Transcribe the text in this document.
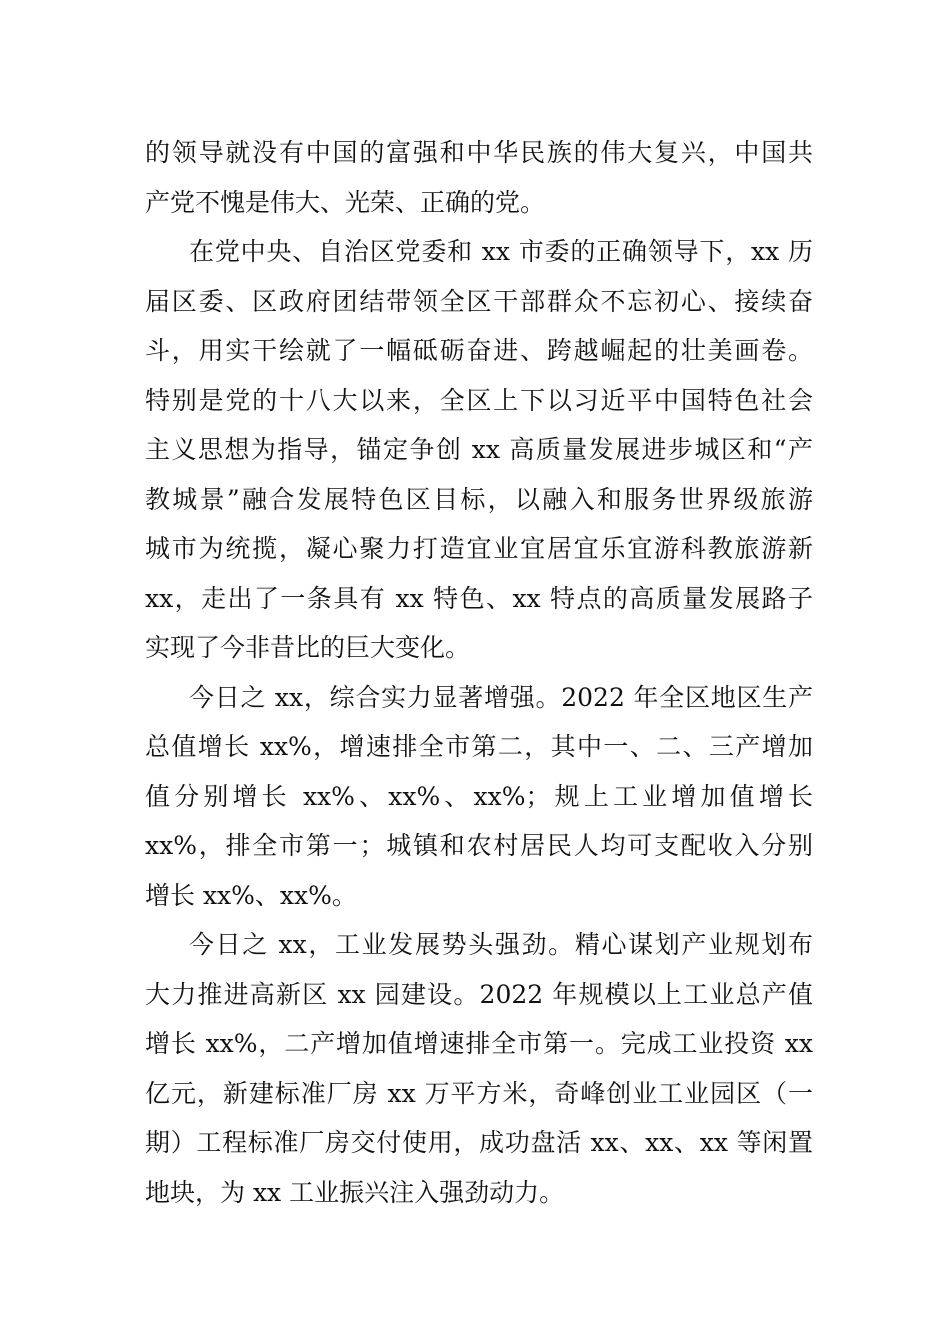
的领导就没有中国的富强和中华民族的伟大复兴，中国共
产党不愧是伟大、光荣、正确的党。
在党中央、自治区党委和 xx 市委的正确领导下，xx 历
届区委、区政府团结带领全区干部群众不忘初心、接续奋
斗，用实干绘就了一幅砥砺奋进、跨越崛起的壮美画卷。
特别是党的十八大以来，全区上下以习近平中国特色社会
主义思想为指导，锚定争创 xx 高质量发展进步城区和“产
教城景”融合发展特色区目标，以融入和服务世界级旅游
城市为统揽，凝心聚力打造宜业宜居宜乐宜游科教旅游新
xx，走出了一条具有 xx 特色、xx 特点的高质量发展路子
实现了今非昔比的巨大变化。
今日之 xx，综合实力显著增强。2022 年全区地区生产
总值增长 xx%，增速排全市第二，其中一、二、三产增加
值分别增长 xx%、xx%、xx%；规上工业增加值增长
xx%，排全市第一；城镇和农村居民人均可支配收入分别
增长 xx%、xx%。
今日之 xx，工业发展势头强劲。精心谋划产业规划布
大力推进高新区 xx 园建设。2022 年规模以上工业总产值
增长 xx%，二产增加值增速排全市第一。完成工业投资 xx
亿元，新建标准厂房 xx 万平方米，奇峰创业工业园区（一
期）工程标准厂房交付使用，成功盘活 xx、xx、xx 等闲置
地块，为 xx 工业振兴注入强劲动力。
